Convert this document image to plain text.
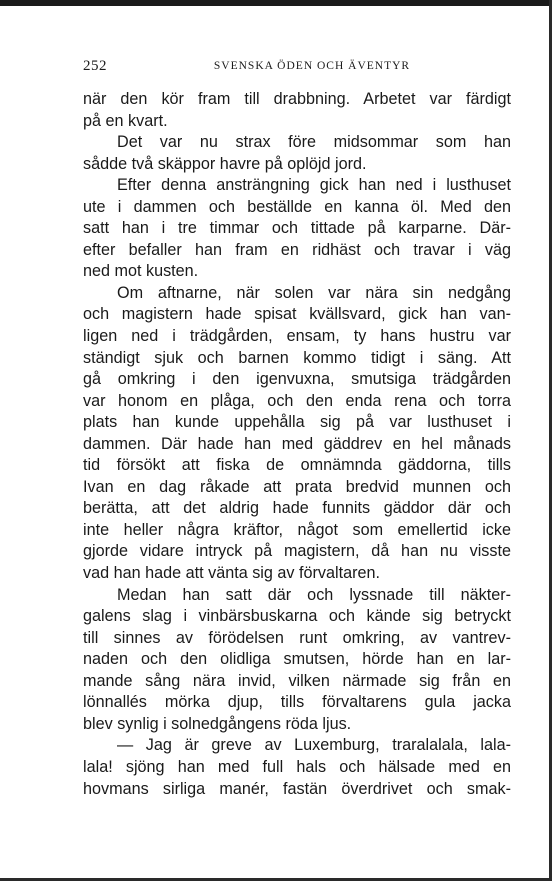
252	SVENSKA ÖDEN OCH ÄVENTYR
när den kör fram till drabbning. Arbetet var färdigt
på en kvart.
Det var nu strax före midsommar som han
sådde två skäppor havre på oplöjd jord.
Efter denna ansträngning gick han ned i lusthuset
ute i dammen och beställde en kanna öl. Med den
satt han i tre timmar och tittade på karparne. Där-
efter befaller han fram en ridhäst och travar i väg
ned mot kusten.
Om aftnarne, när solen var nära sin nedgång
och magistern hade spisat kvällsvard, gick han van-
ligen ned i trädgården, ensam, ty hans hustru var
ständigt sjuk och barnen kommo tidigt i säng. Att
gå omkring i den igenvuxna, smutsiga trädgården
var honom en plåga, och den enda rena och torra
plats han kunde uppehålla sig på var lusthuset i
dammen. Där hade han med gäddrev en hel månads
tid försökt att fiska de omnämnda gäddorna, tills
Ivan en dag råkade att prata bredvid munnen och
berätta, att det aldrig hade funnits gäddor där och
inte heller några kräftor, något som emellertid icke
gjorde vidare intryck på magistern, då han nu visste
vad han hade att vänta sig av förvaltaren.
Medan han satt där och lyssnade till näkter-
galens slag i vinbärsbuskarna och kände sig betryckt
till sinnes av förödelsen runt omkring, av vantrev-
naden och den olidliga smutsen, hörde han en lar-
mande sång nära invid, vilken närmade sig från en
lönnallés mörka djup, tills förvaltarens gula jacka
blev synlig i solnedgångens röda ljus.
— Jag är greve av Luxemburg, traralalala, lala-
lala! sjöng han med full hals och hälsade med en
hovmans sirliga manér, fastän överdrivet och smak-
